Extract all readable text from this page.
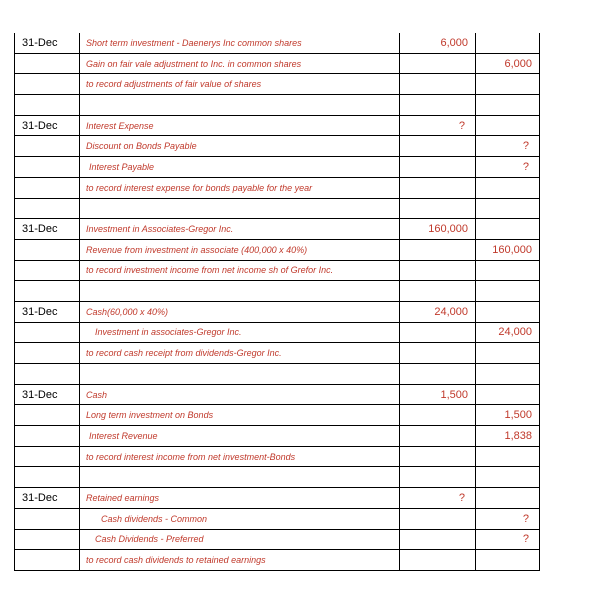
31-Dec	Short term investment - Daenerys Inc common shares	6,000	
	Gain on fair vale adjustment to Inc. in common shares		6,000
	to record adjustments of fair value of shares		

31-Dec	Interest Expense	?	
	Discount on Bonds Payable		?
	Interest Payable		?
	to record interest expense for bonds payable for the year		

31-Dec	Investment in Associates-Gregor Inc.	160,000	
	Revenue from investment in associate (400,000 x 40%)		160,000
	to record investment income from net income sh of Grefor Inc.		

31-Dec	Cash(60,000 x 40%)	24,000	
	Investment in associates-Gregor Inc.		24,000
	to record cash receipt from dividends-Gregor Inc.		

31-Dec	Cash	1,500	
	Long term investment on Bonds		1,500
	Interest Revenue		1,838
	to record interest income from net investment-Bonds		

31-Dec	Retained earnings	?	
	Cash dividends - Common		?
	Cash Dividends - Preferred		?
	to record cash dividends to retained earnings		
